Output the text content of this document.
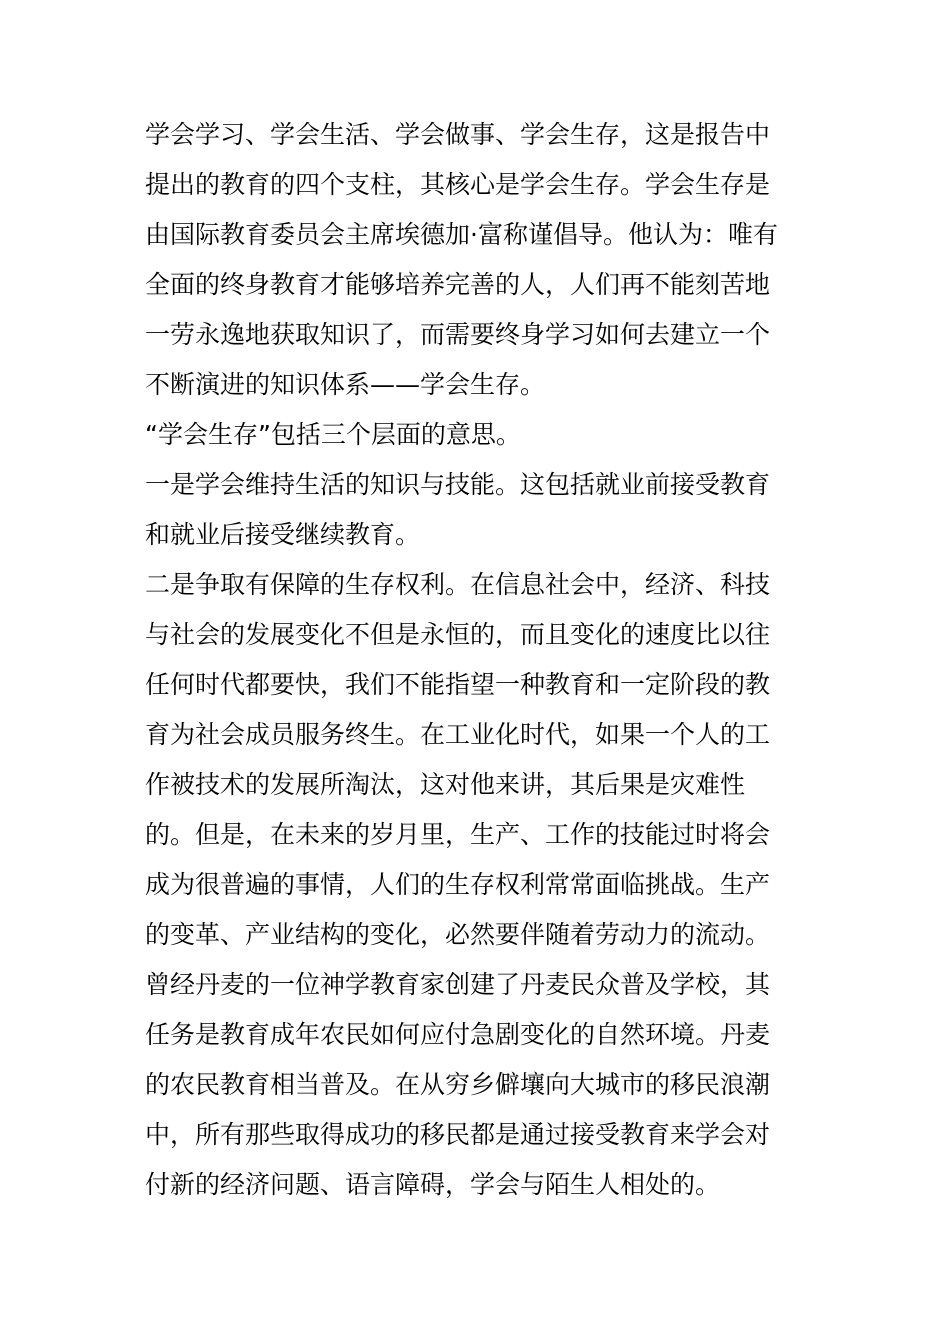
学会学习、学会生活、学会做事、学会生存，这是报告中
提出的教育的四个支柱，其核心是学会生存。学会生存是
由国际教育委员会主席埃德加·富称谨倡导。他认为：唯有
全面的终身教育才能够培养完善的人，人们再不能刻苦地
一劳永逸地获取知识了，而需要终身学习如何去建立一个
不断演进的知识体系——学会生存。

“学会生存”包括三个层面的意思。

一是学会维持生活的知识与技能。这包括就业前接受教育
和就业后接受继续教育。

二是争取有保障的生存权利。在信息社会中，经济、科技
与社会的发展变化不但是永恒的，而且变化的速度比以往
任何时代都要快，我们不能指望一种教育和一定阶段的教
育为社会成员服务终生。在工业化时代，如果一个人的工
作被技术的发展所淘汰，这对他来讲，其后果是灾难性
的。但是，在未来的岁月里，生产、工作的技能过时将会
成为很普遍的事情，人们的生存权利常常面临挑战。生产
的变革、产业结构的变化，必然要伴随着劳动力的流动。
曾经丹麦的一位神学教育家创建了丹麦民众普及学校，其
任务是教育成年农民如何应付急剧变化的自然环境。丹麦
的农民教育相当普及。在从穷乡僻壤向大城市的移民浪潮
中，所有那些取得成功的移民都是通过接受教育来学会对
付新的经济问题、语言障碍，学会与陌生人相处的。
